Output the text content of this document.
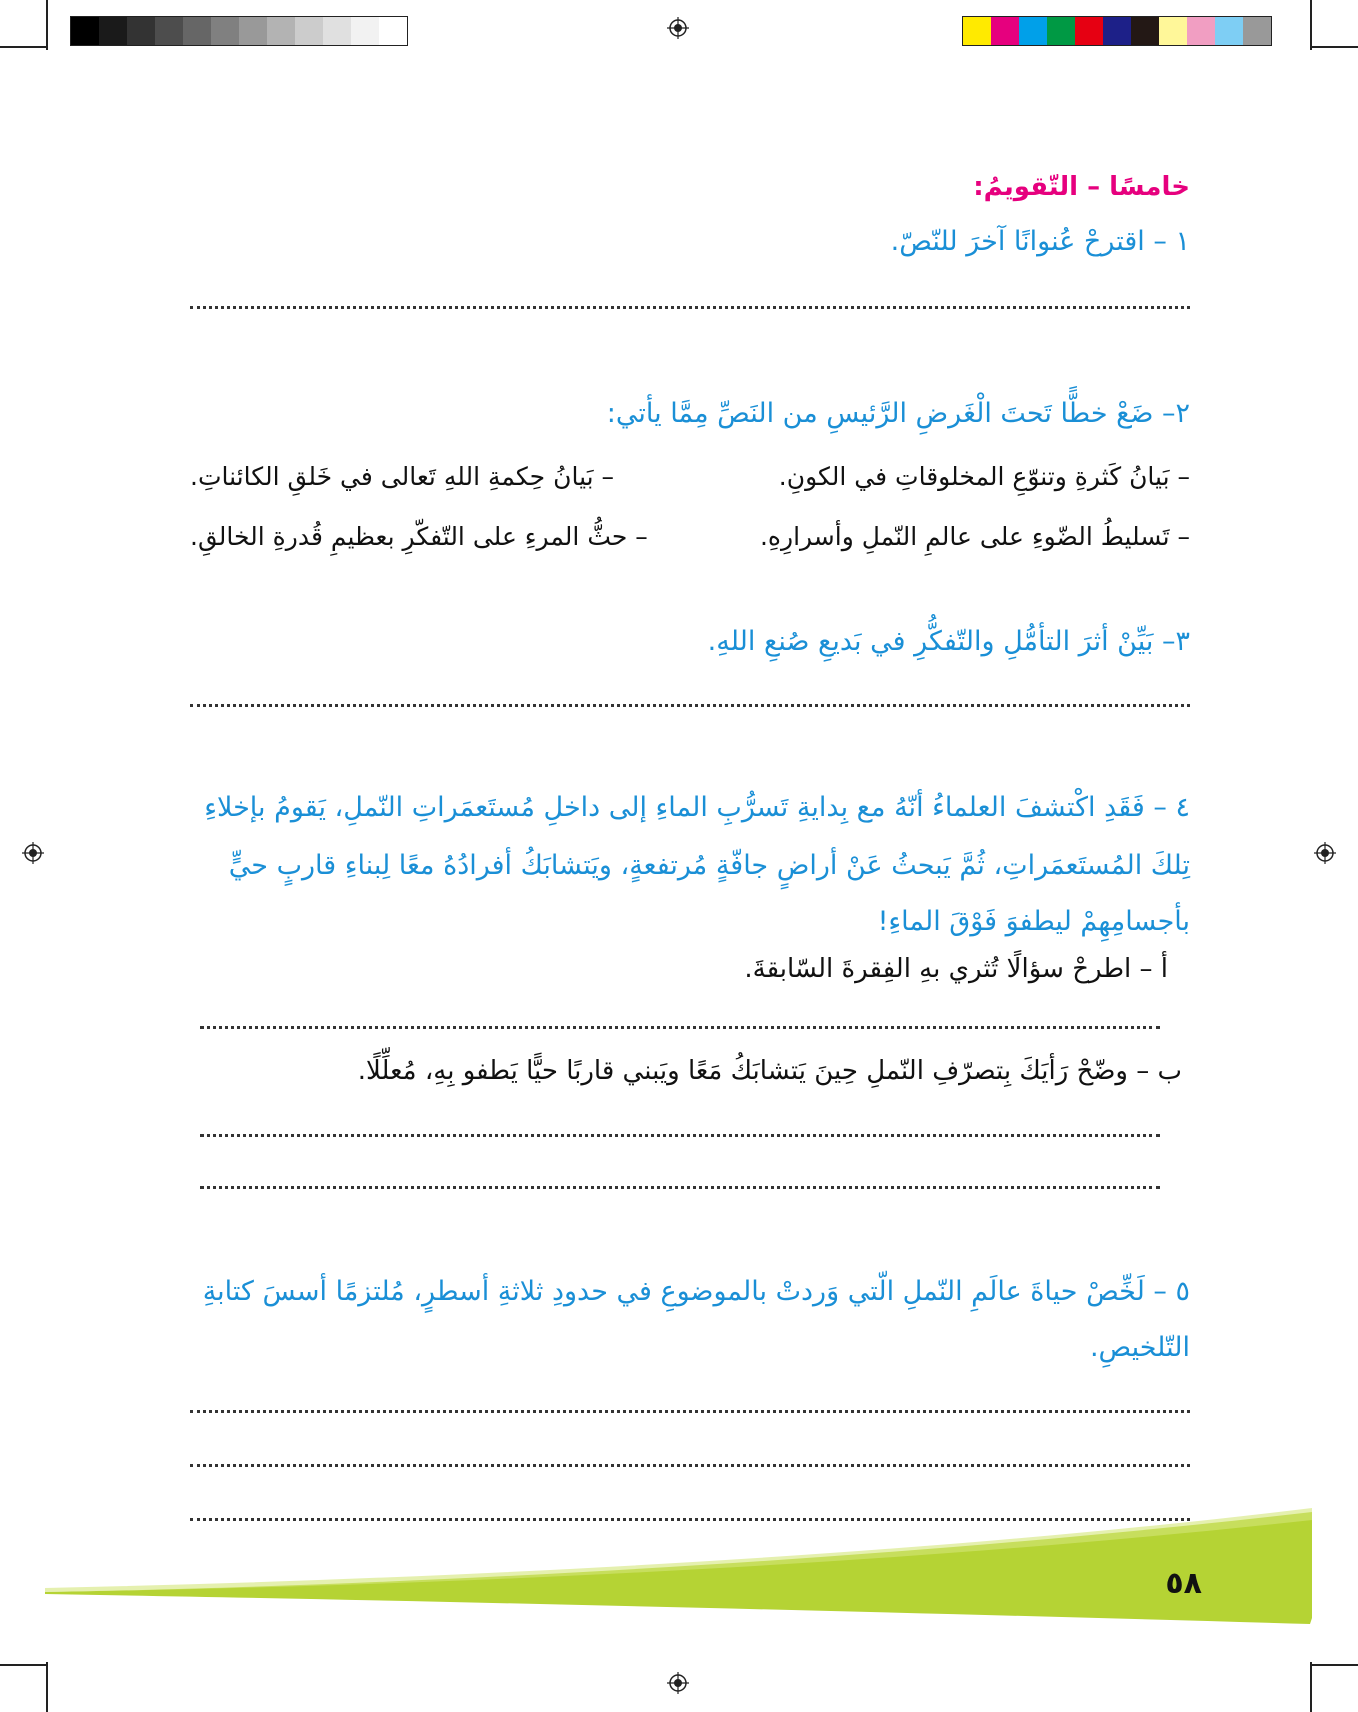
خامسًا – التّقويمُ:
١ – اقترحْ عُنوانًا آخرَ للنّصّ.
٢– ضَعْ خطًّا تَحتَ الْغَرضِ الرَّئيسِ من النَصِّ مِمَّا يأتي:
– بَيانُ حِكمةِ اللهِ تَعالى في خَلقِ الكائناتِ.	– بَيانُ كَثرةِ وتنوّعِ المخلوقاتِ في الكونِ.
– حثُّ المرءِ على التّفكّرِ بعظيمِ قُدرةِ الخالقِ.	– تَسليطُ الضّوءِ على عالمِ النّملِ وأسرارِهِ.
٣– بَيِّنْ أثرَ التأمُّلِ والتّفكُّرِ في بَديعِ صُنعِ اللهِ.
٤ – فَقَدِ اكْتشفَ العلماءُ أنّهُ مع بِدايةِ تَسرُّبِ الماءِ إلى داخلِ مُستَعمَراتِ النّملِ، يَقومُ بإخلاءِ
تِلكَ المُستَعمَراتِ، ثُمَّ يَبحثُ عَنْ أراضٍ جافّةٍ مُرتفعةٍ، ويَتشابَكُ أفرادُهُ معًا لِبناءِ قاربٍ حيٍّ
بأجسامِهِمْ ليطفوَ فَوْقَ الماءِ!
أ – اطرحْ سؤالًا تُثري بهِ الفِقرةَ السّابقةَ.
ب – وضّحْ رَأيَكَ بِتصرّفِ النّملِ حِينَ يَتشابَكُ مَعًا ويَبني قاربًا حيًّا يَطفو بِهِ، مُعلِّلًا.
٥ – لَخِّصْ حياةَ عالَمِ النّملِ الّتي وَردتْ بالموضوعِ في حدودِ ثلاثةِ أسطرٍ، مُلتزمًا أسسَ كتابةِ
التّلخيصِ.
٥٨
